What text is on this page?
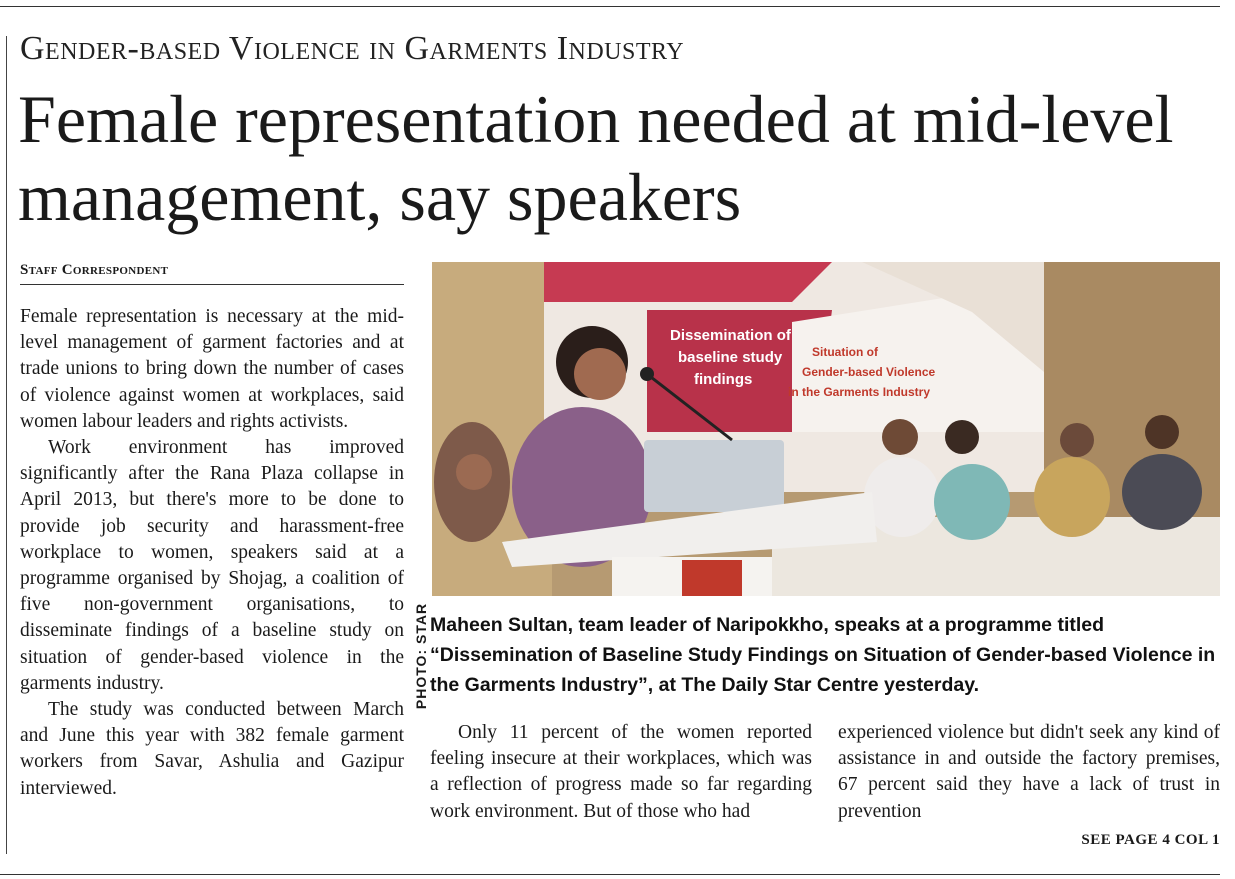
Gender-based Violence in Garments Industry
Female representation needed at mid-level management, say speakers
Staff Correspondent

Female representation is necessary at the mid-level management of garment factories and at trade unions to bring down the number of cases of violence against women at workplaces, said women labour leaders and rights activists.

Work environment has improved significantly after the Rana Plaza collapse in April 2013, but there's more to be done to provide job security and harassment-free workplace to women, speakers said at a programme organised by Shojag, a coalition of five non-government organisations, to disseminate findings of a baseline study on situation of gender-based violence in the garments industry.

The study was conducted between March and June this year with 382 female garment workers from Savar, Ashulia and Gazipur interviewed.

Dissemination of
baseline study
findings
Situation of
Gender-based Violence
in the Garments Industry
PHOTO: STAR Maheen Sultan, team leader of Naripokkho, speaks at a programme titled “Dissemination of Baseline Study Findings on Situation of Gender-based Violence in the Garments Industry”, at The Daily Star Centre yesterday.

Only 11 percent of the women reported feeling insecure at their workplaces, which was a reflection of progress made so far regarding work environment. But of those who had

experienced violence but didn't seek any kind of assistance in and outside the factory premises, 67 percent said they have a lack of trust in prevention

SEE PAGE 4 COL 1
